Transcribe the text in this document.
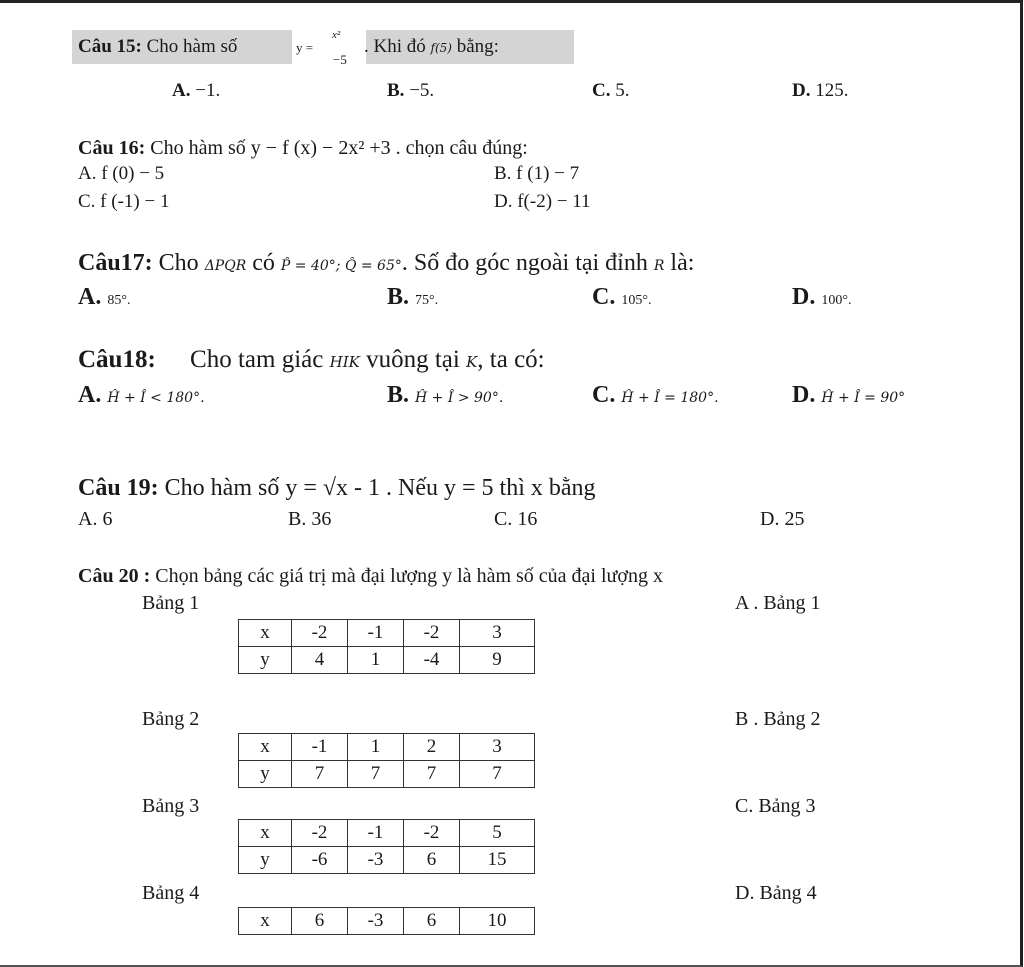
Câu 15: Cho hàm số	y =
x²
−5
. Khi đó f(5) bằng:
A. −1.	B. −5.	C. 5.	D. 125.
Câu 16: Cho hàm số y − f (x) − 2x² +3 . chọn câu đúng:
A. f (0) − 5	B. f (1) − 7
C. f (-1) − 1	D. f(-2) − 11
Câu17: Cho ΔPQR có P̂ = 40°; Q̂ = 65°. Số đo góc ngoài tại đỉnh R là:
A. 85°.	B. 75°.	C. 105°.	D. 100°.
Câu18: Cho tam giác HIK vuông tại K, ta có:
A. Ĥ + Î < 180°.	B. Ĥ + Î > 90°.	C. Ĥ + Î = 180°.	D. Ĥ + Î = 90°
Câu 19: Cho hàm số y = √x - 1 . Nếu y = 5 thì x bằng
A. 6	B. 36	C. 16	D. 25
Câu 20 : Chọn bảng các giá trị mà đại lượng y là hàm số của đại lượng x
Bảng 1
x	-2	-1	-2	3
y	4	1	-4	9
Bảng 2
x	-1	1	2	3
y	7	7	7	7
Bảng 3
x	-2	-1	-2	5
y	-6	-3	6	15
Bảng 4
x	6	-3	6	10
A . Bảng 1
B . Bảng 2
C. Bảng 3
D. Bảng 4
